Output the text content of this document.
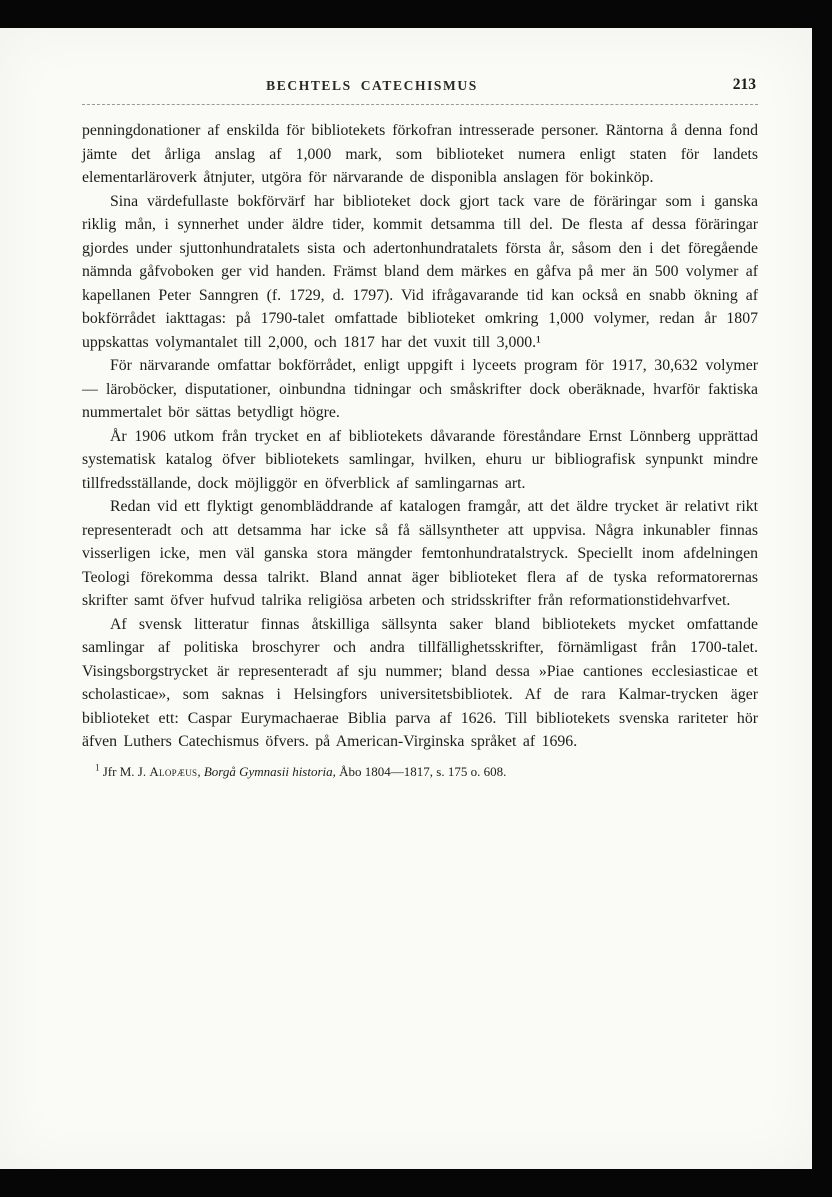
BECHTELS CATECHISMUS	213

penningdonationer af enskilda för bibliotekets förkofran intresserade personer. Räntorna å denna fond jämte det årliga anslag af 1,000 mark, som biblioteket numera enligt staten för landets elementarläroverk åtnjuter, utgöra för närvarande de disponibla anslagen för bokinköp.

Sina värdefullaste bokförvärf har biblioteket dock gjort tack vare de föräringar som i ganska riklig mån, i synnerhet under äldre tider, kommit detsamma till del. De flesta af dessa föräringar gjordes under sjuttonhundratalets sista och adertonhundratalets första år, såsom den i det föregående nämnda gåfvoboken ger vid handen. Främst bland dem märkes en gåfva på mer än 500 volymer af kapellanen Peter Sanngren (f. 1729, d. 1797). Vid ifrågavarande tid kan också en snabb ökning af bokförrådet iakttagas: på 1790-talet omfattade biblioteket omkring 1,000 volymer, redan år 1807 uppskattas volymantalet till 2,000, och 1817 har det vuxit till 3,000.¹

För närvarande omfattar bokförrådet, enligt uppgift i lyceets program för 1917, 30,632 volymer — läroböcker, disputationer, oinbundna tidningar och småskrifter dock oberäknade, hvarför faktiska nummertalet bör sättas betydligt högre.

År 1906 utkom från trycket en af bibliotekets dåvarande föreståndare Ernst Lönnberg upprättad systematisk katalog öfver bibliotekets samlingar, hvilken, ehuru ur bibliografisk synpunkt mindre tillfredsställande, dock möjliggör en öfverblick af samlingarnas art.

Redan vid ett flyktigt genombläddrande af katalogen framgår, att det äldre trycket är relativt rikt representeradt och att detsamma har icke så få sällsyntheter att uppvisa. Några inkunabler finnas visserligen icke, men väl ganska stora mängder femtonhundratalstryck. Speciellt inom afdelningen Teologi förekomma dessa talrikt. Bland annat äger biblioteket flera af de tyska reformatorernas skrifter samt öfver hufvud talrika religiösa arbeten och stridsskrifter från reformationstidehvarfvet.

Af svensk litteratur finnas åtskilliga sällsynta saker bland bibliotekets mycket omfattande samlingar af politiska broschyrer och andra tillfällighetsskrifter, förnämligast från 1700-talet. Visingsborgstrycket är representeradt af sju nummer; bland dessa »Piae cantiones ecclesiasticae et scholasticae», som saknas i Helsingfors universitetsbibliotek. Af de rara Kalmar-trycken äger biblioteket ett: Caspar Eurymachaerae Biblia parva af 1626. Till bibliotekets svenska rariteter hör äfven Luthers Catechismus öfvers. på American-Virginska språket af 1696.

$^1$ Jfr M. J. Alopæus, Borgå Gymnasii historia, Åbo 1804—1817, s. 175 o. 608.
